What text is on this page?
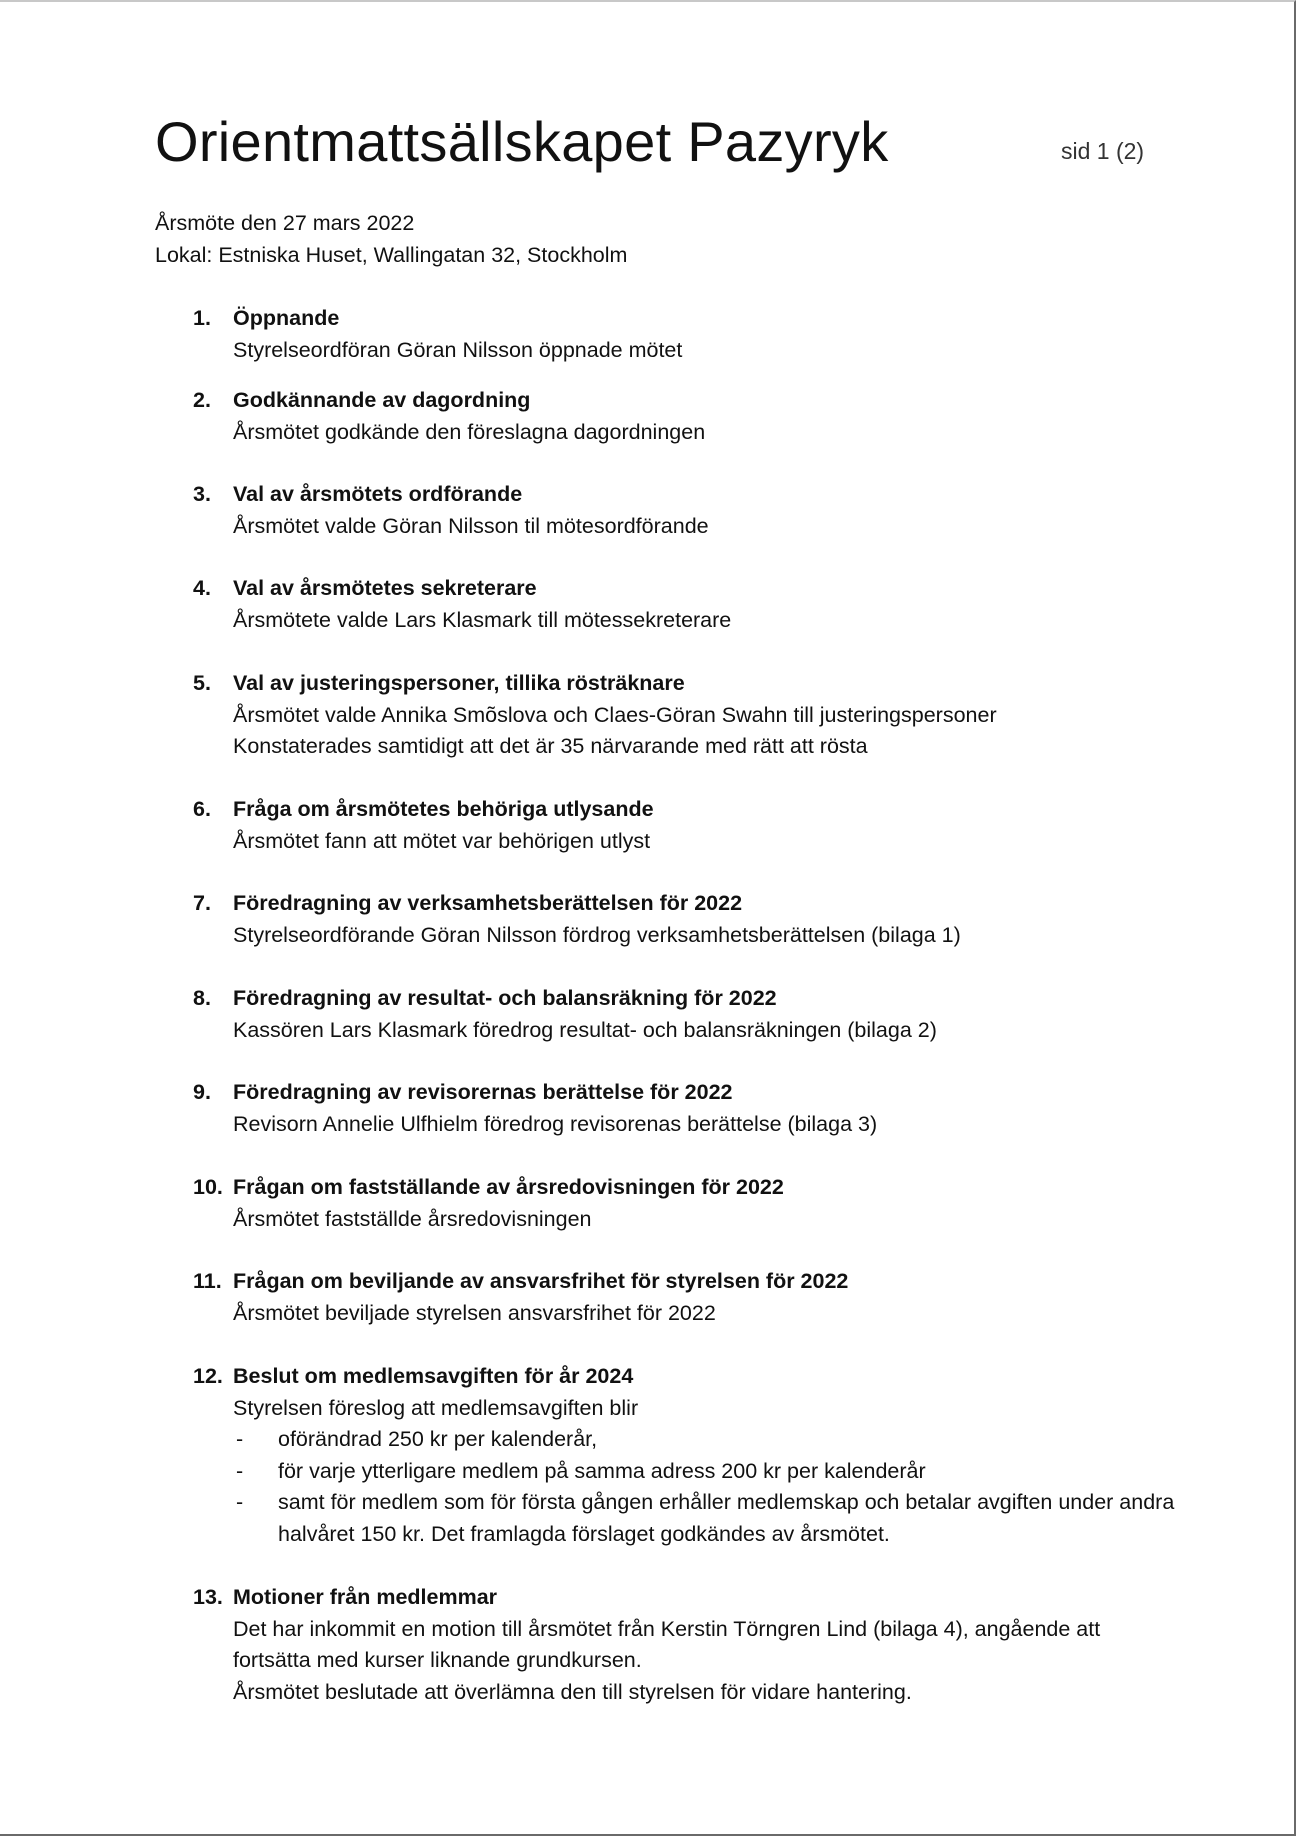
Orientmattsällskapet Pazyryk	sid 1 (2)
Årsmöte den 27 mars 2022
Lokal: Estniska Huset, Wallingatan 32, Stockholm
1. Öppnande
Styrelseordföran Göran Nilsson öppnade mötet
2. Godkännande av dagordning
Årsmötet godkände den föreslagna dagordningen
3. Val av årsmötets ordförande
Årsmötet valde Göran Nilsson til mötesordförande
4. Val av årsmötetes sekreterare
Årsmötete valde Lars Klasmark till mötessekreterare
5. Val av justeringspersoner, tillika rösträknare
Årsmötet valde Annika Smõslova och Claes-Göran Swahn till justeringspersoner
Konstaterades samtidigt att det är 35 närvarande med rätt att rösta
6. Fråga om årsmötetes behöriga utlysande
Årsmötet fann att mötet var behörigen utlyst
7. Föredragning av verksamhetsberättelsen för 2022
Styrelseordförande Göran Nilsson fördrog verksamhetsberättelsen (bilaga 1)
8. Föredragning av resultat- och balansräkning för 2022
Kassören Lars Klasmark föredrog resultat- och balansräkningen (bilaga 2)
9. Föredragning av revisorernas berättelse för 2022
Revisorn Annelie Ulfhielm föredrog revisorenas berättelse (bilaga 3)
10. Frågan om fastställande av årsredovisningen för 2022
Årsmötet fastställde årsredovisningen
11. Frågan om beviljande av ansvarsfrihet för styrelsen för 2022
Årsmötet beviljade styrelsen ansvarsfrihet för 2022
12. Beslut om medlemsavgiften för år 2024
Styrelsen föreslog att medlemsavgiften blir
- oförändrad 250 kr per kalenderår,
- för varje ytterligare medlem på samma adress 200 kr per kalenderår
- samt för medlem som för första gången erhåller medlemskap och betalar avgiften under andra halvåret 150 kr. Det framlagda förslaget godkändes av årsmötet.
13. Motioner från medlemmar
Det har inkommit en motion till årsmötet från Kerstin Törngren Lind (bilaga 4), angående att
fortsätta med kurser liknande grundkursen.
Årsmötet beslutade att överlämna den till styrelsen för vidare hantering.
